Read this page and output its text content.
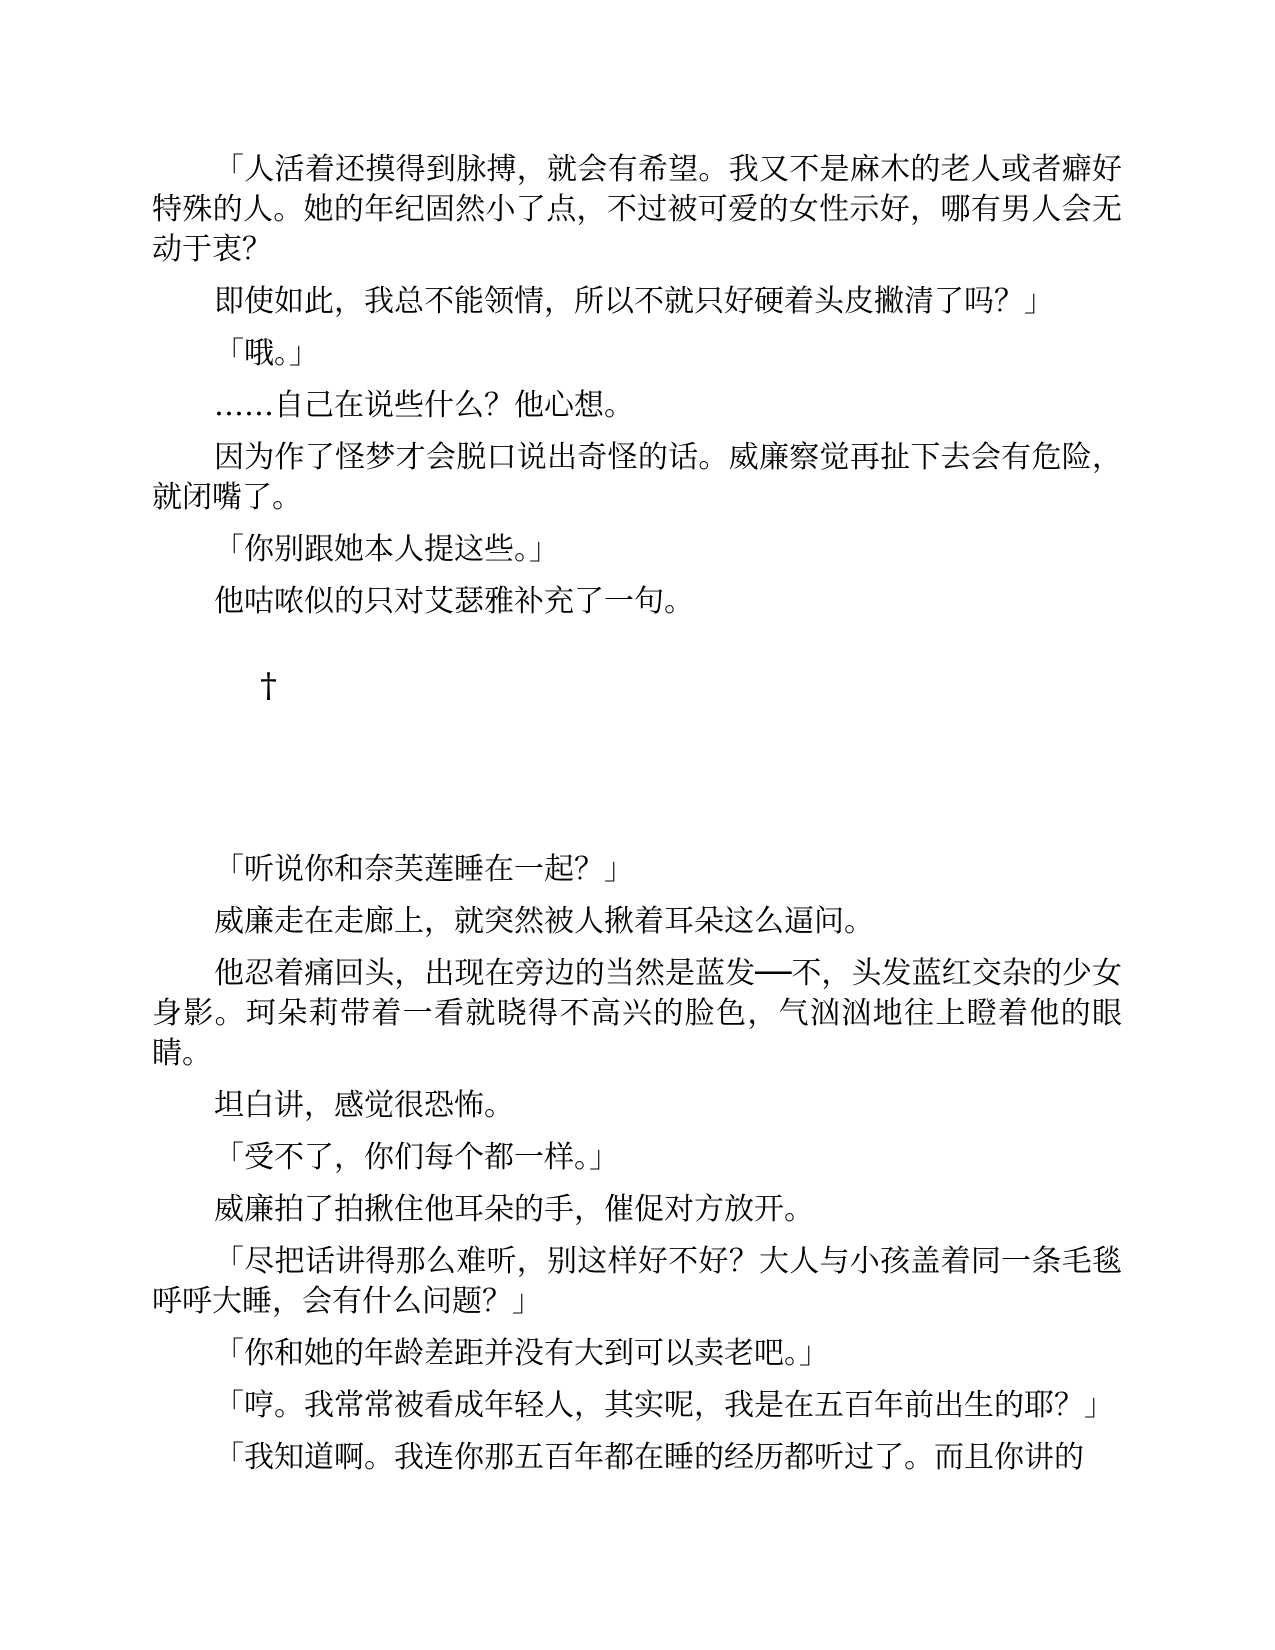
「人活着还摸得到脉搏，就会有希望。我又不是麻木的老人或者癖好特殊的人。她的年纪固然小了点，不过被可爱的女性示好，哪有男人会无动于衷？

即使如此，我总不能领情，所以不就只好硬着头皮撇清了吗？」

「哦。」

……自己在说些什么？他心想。

因为作了怪梦才会脱口说出奇怪的话。威廉察觉再扯下去会有危险，就闭嘴了。

「你别跟她本人提这些。」

他咕哝似的只对艾瑟雅补充了一句。

†

「听说你和奈芙莲睡在一起？」

威廉走在走廊上，就突然被人揪着耳朵这么逼问。

他忍着痛回头，出现在旁边的当然是蓝发──不，头发蓝红交杂的少女身影。珂朵莉带着一看就晓得不高兴的脸色，气汹汹地往上瞪着他的眼睛。

坦白讲，感觉很恐怖。

「受不了，你们每个都一样。」

威廉拍了拍揪住他耳朵的手，催促对方放开。

「尽把话讲得那么难听，别这样好不好？大人与小孩盖着同一条毛毯呼呼大睡，会有什么问题？」

「你和她的年龄差距并没有大到可以卖老吧。」

「哼。我常常被看成年轻人，其实呢，我是在五百年前出生的耶？」

「我知道啊。我连你那五百年都在睡的经历都听过了。而且你讲的
